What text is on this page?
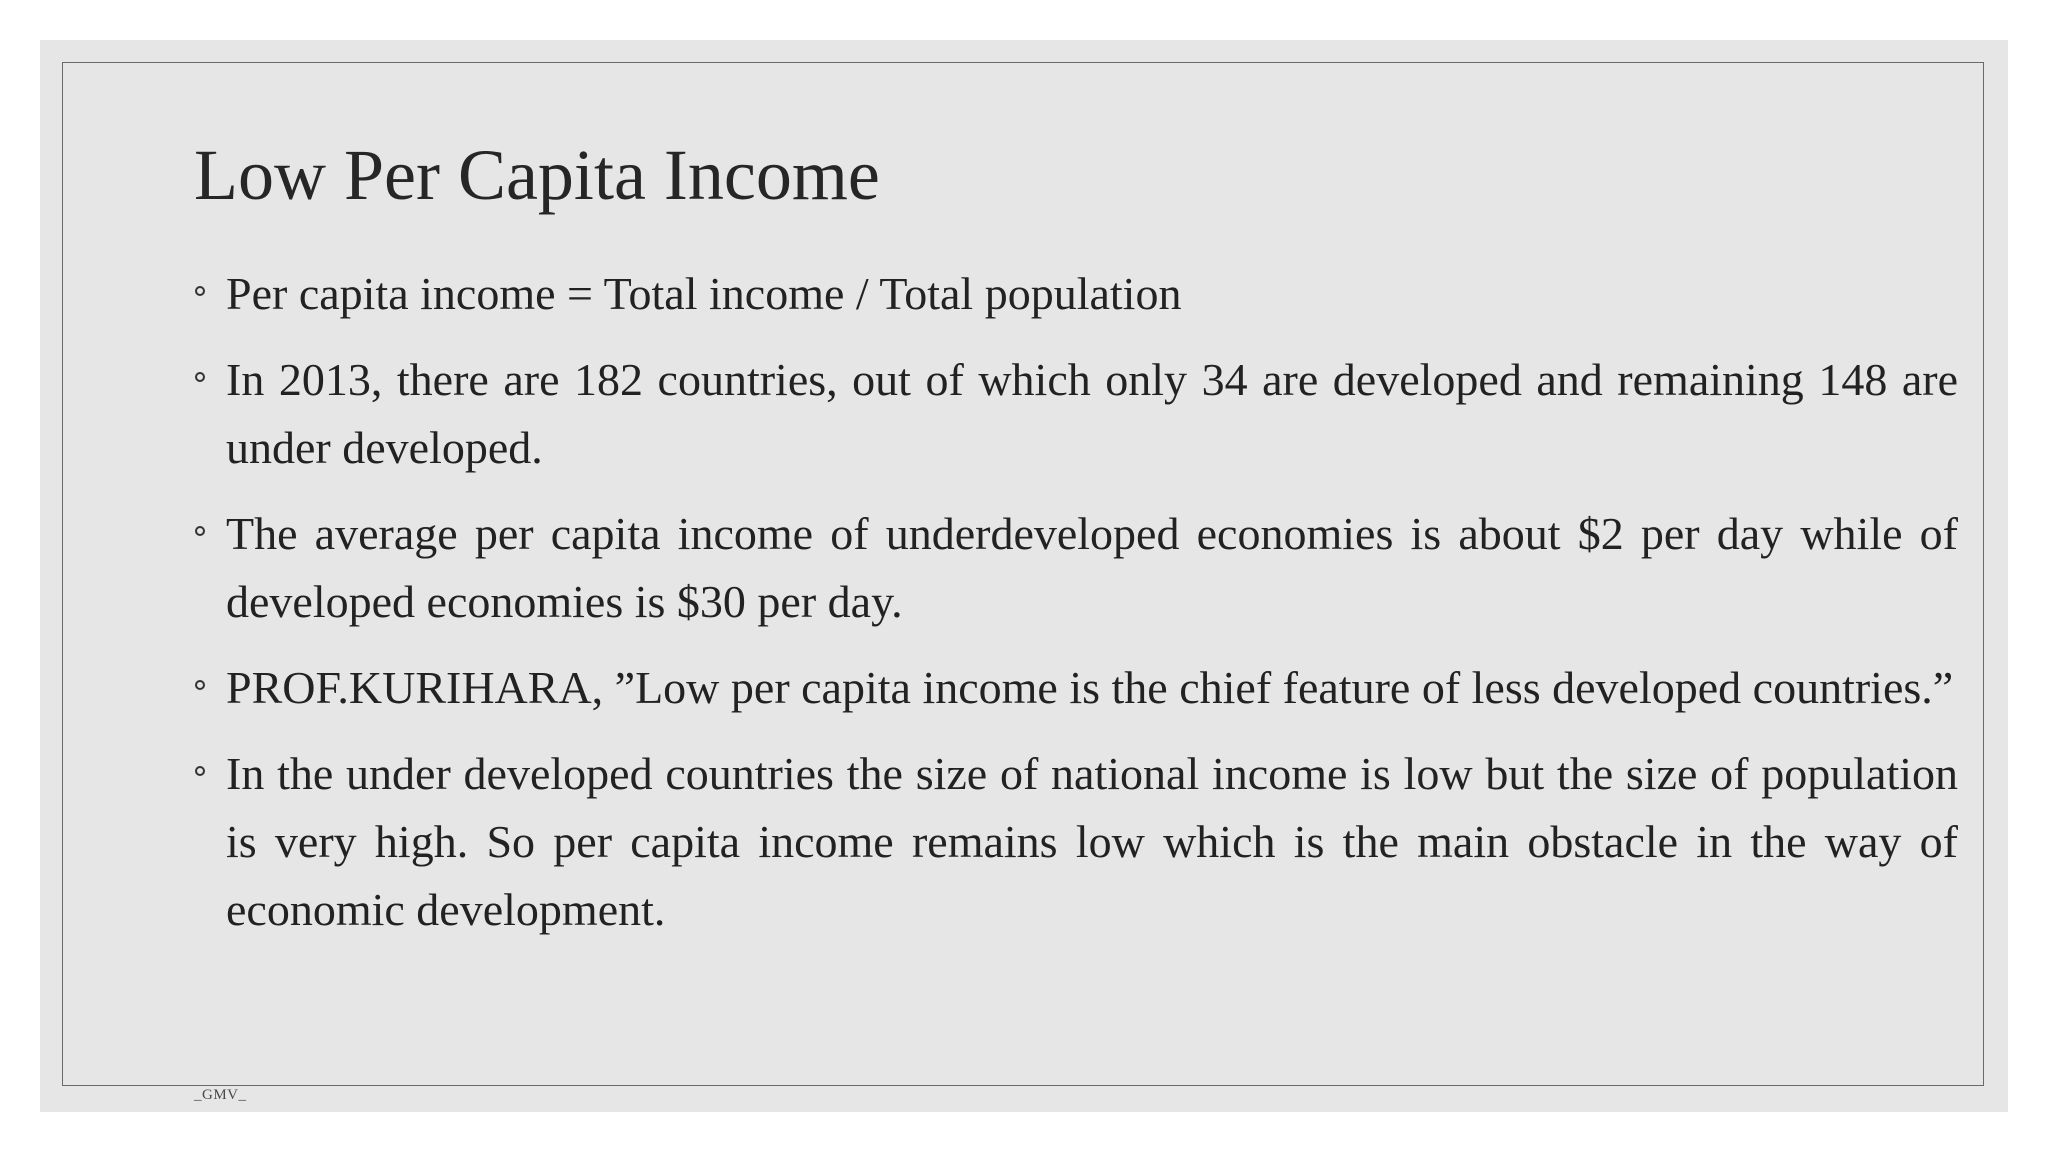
Low Per Capita Income
Per capita income = Total income / Total population
In 2013, there are 182 countries, out of which only 34 are developed and remaining 148 are under developed.
The average per capita income of underdeveloped economies is about $2 per day while of developed economies is $30 per day.
PROF.KURIHARA, ”Low per capita income is the chief feature of less developed countries.”
In the under developed countries the size of national income is low but the size of population is very high. So per capita income remains low which is the main obstacle in the way of economic development.
_GMV_
